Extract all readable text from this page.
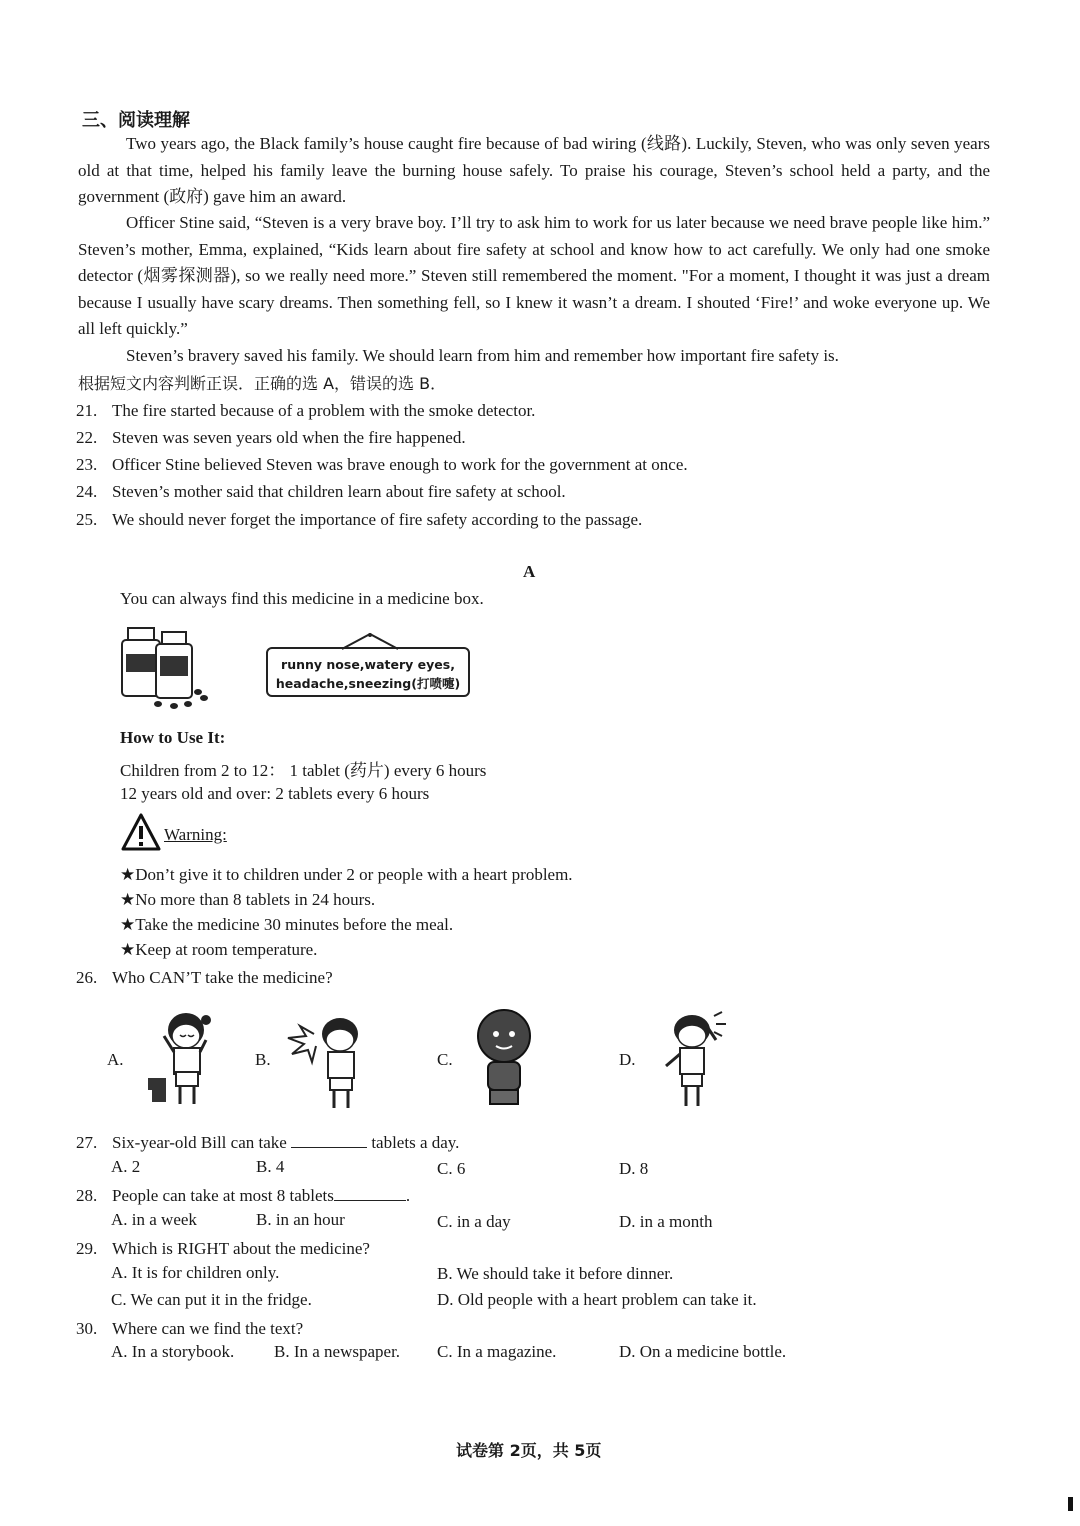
三、阅读理解
Two years ago, the Black family’s house caught fire because of bad wiring (线路). Luckily, Steven, who was only seven years old at that time, helped his family leave the burning house safely. To praise his courage, Steven’s school held a party, and the government (政府) gave him an award.
Officer Stine said, “Steven is a very brave boy. I’ll try to ask him to work for us later because we need brave people like him.” Steven’s mother, Emma, explained, “Kids learn about fire safety at school and know how to act carefully. We only had one smoke detector (烟雾探测器), so we really need more.” Steven still remembered the moment. "For a moment, I thought it was just a dream because I usually have scary dreams. Then something fell, so I knew it wasn’t a dream. I shouted ‘Fire!’ and woke everyone up. We all left quickly.”
Steven’s bravery saved his family. We should learn from him and remember how important fire safety is.
根据短文内容判断正误．正确的选 A，错误的选 B．
21. The fire started because of a problem with the smoke detector.
22. Steven was seven years old when the fire happened.
23. Officer Stine believed Steven was brave enough to work for the government at once.
24. Steven’s mother said that children learn about fire safety at school.
25. We should never forget the importance of fire safety according to the passage.
A
You can always find this medicine in a medicine box.
runny nose,watery eyes,
headache,sneezing(打喷嚏)
How to Use It:
Children from 2 to 12： 1 tablet (药片) every 6 hours
12 years old and over: 2 tablets every 6 hours
Warning:
★Don’t give it to children under 2 or people with a heart problem.
★No more than 8 tablets in 24 hours.
★Take the medicine 30 minutes before the meal.
★Keep at room temperature.
26. Who CAN’T take the medicine?
A.	B.	C.	D.
27. Six-year-old Bill can take	tablets a day.
A. 2	B. 4	C. 6	D. 8
28. People can take at most 8 tablets	.
A. in a week	B. in an hour	C. in a day	D. in a month
29. Which is RIGHT about the medicine?
A. It is for children only.	B. We should take it before dinner.
C. We can put it in the fridge.	D. Old people with a heart problem can take it.
30. Where can we find the text?
A. In a storybook. B. In a newspaper. C. In a magazine.	D. On a medicine bottle.
试卷第 2页，共 5页
